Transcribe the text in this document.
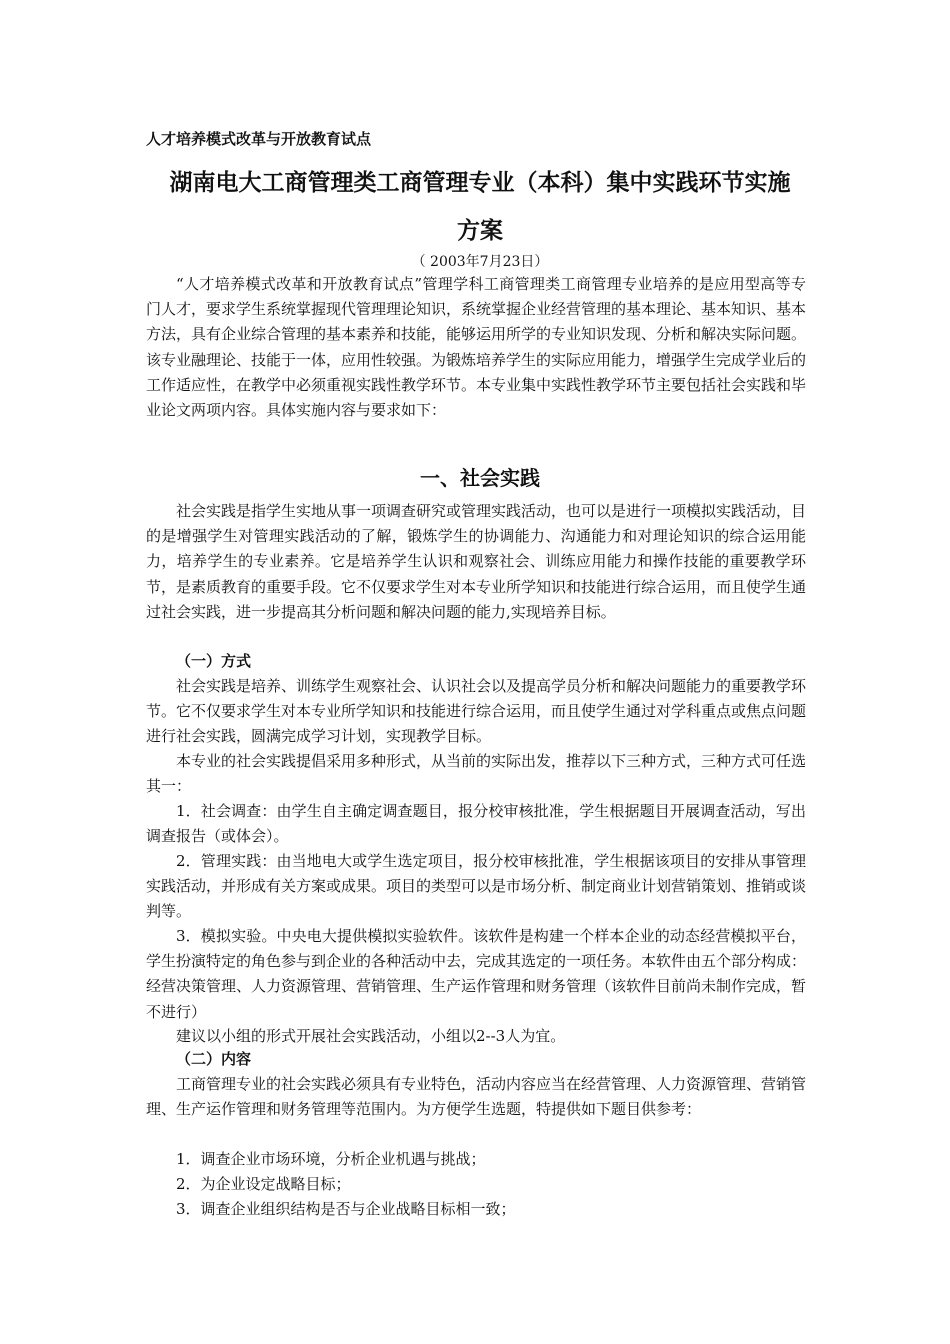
人才培养模式改革与开放教育试点
湖南电大工商管理类工商管理专业（本科）集中实践环节实施
方案
（ 2003年7月23日）
“人才培养模式改革和开放教育试点”管理学科工商管理类工商管理专业培养的是应用型高等专门人才，要求学生系统掌握现代管理理论知识，系统掌握企业经营管理的基本理论、基本知识、基本方法，具有企业综合管理的基本素养和技能，能够运用所学的专业知识发现、分析和解决实际问题。该专业融理论、技能于一体，应用性较强。为锻炼培养学生的实际应用能力，增强学生完成学业后的工作适应性，在教学中必须重视实践性教学环节。本专业集中实践性教学环节主要包括社会实践和毕业论文两项内容。具体实施内容与要求如下：
一、社会实践
社会实践是指学生实地从事一项调查研究或管理实践活动，也可以是进行一项模拟实践活动，目的是增强学生对管理实践活动的了解，锻炼学生的协调能力、沟通能力和对理论知识的综合运用能力，培养学生的专业素养。它是培养学生认识和观察社会、训练应用能力和操作技能的重要教学环节，是素质教育的重要手段。它不仅要求学生对本专业所学知识和技能进行综合运用，而且使学生通过社会实践，进一步提高其分析问题和解决问题的能力,实现培养目标。
（一）方式
社会实践是培养、训练学生观察社会、认识社会以及提高学员分析和解决问题能力的重要教学环节。它不仅要求学生对本专业所学知识和技能进行综合运用，而且使学生通过对学科重点或焦点问题进行社会实践，圆满完成学习计划，实现教学目标。
本专业的社会实践提倡采用多种形式，从当前的实际出发，推荐以下三种方式，三种方式可任选其一：
1．社会调查：由学生自主确定调查题目，报分校审核批准，学生根据题目开展调查活动，写出调查报告（或体会）。
2．管理实践：由当地电大或学生选定项目，报分校审核批准，学生根据该项目的安排从事管理实践活动，并形成有关方案或成果。项目的类型可以是市场分析、制定商业计划营销策划、推销或谈判等。
3．模拟实验。中央电大提供模拟实验软件。该软件是构建一个样本企业的动态经营模拟平台，学生扮演特定的角色参与到企业的各种活动中去，完成其选定的一项任务。本软件由五个部分构成：经营决策管理、人力资源管理、营销管理、生产运作管理和财务管理（该软件目前尚未制作完成，暂不进行）
建议以小组的形式开展社会实践活动，小组以2--3人为宜。
（二）内容
工商管理专业的社会实践必须具有专业特色，活动内容应当在经营管理、人力资源管理、营销管理、生产运作管理和财务管理等范围内。为方便学生选题，特提供如下题目供参考：
1．调查企业市场环境，分析企业机遇与挑战；
2．为企业设定战略目标；
3．调查企业组织结构是否与企业战略目标相一致；
